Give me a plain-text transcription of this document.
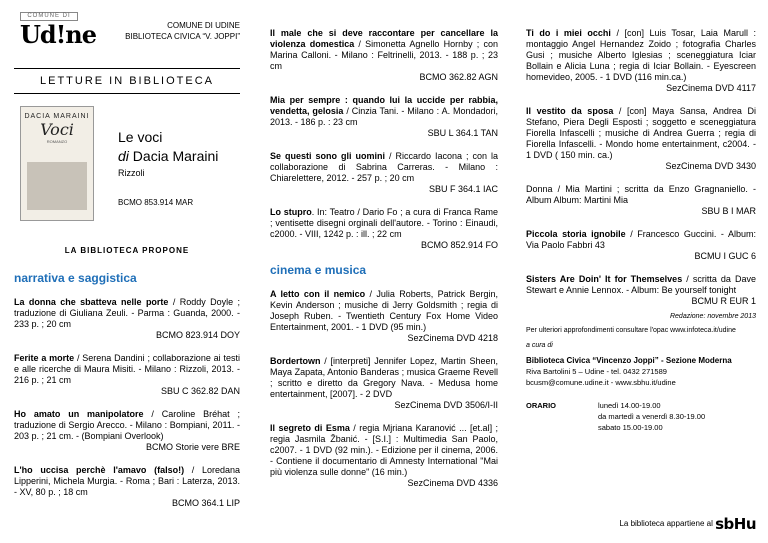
COMUNE DI
Ud!ne	COMUNE DI UDINE
BIBLIOTECA CIVICA “V. JOPPI”
LETTURE IN BIBLIOTECA
DACIA MARAINI
Voci
ROMANZO	Le voci
di Dacia Maraini
Rizzoli
BCMO 853.914 MAR
LA BIBLIOTECA PROPONE
narrativa e saggistica
La donna che sbatteva nelle porte / Roddy Doyle ; traduzione di Giuliana Zeuli. - Parma : Guanda, 2000. - 233 p. ; 20 cm
BCMO 823.914 DOY
Ferite a morte / Serena Dandini ; collaborazione ai testi e alle ricerche di Maura Misiti. - Milano : Rizzoli, 2013. - 216 p. ; 21 cm
SBU C 362.82 DAN
Ho amato un manipolatore / Caroline Bréhat ; traduzione di Sergio Arecco. - Milano : Bompiani, 2011. - 203 p. ; 21 cm. - (Bompiani Overlook)
BCMO Storie vere BRE
L'ho uccisa perchè l'amavo (falso!) / Loredana Lipperini, Michela Murgia. - Roma ; Bari : Laterza, 2013. - XV, 80 p. ; 18 cm
BCMO 364.1 LIP
Il male che si deve raccontare per cancellare la violenza domestica / Simonetta Agnello Hornby ; con Marina Calloni. - Milano : Feltrinelli, 2013. - 188 p. ; 23 cm
BCMO 362.82 AGN
Mia per sempre : quando lui la uccide per rabbia, vendetta, gelosia / Cinzia Tani. - Milano : A. Mondadori, 2013. - 186 p. : 23 cm
SBU L 364.1 TAN
Se questi sono gli uomini / Riccardo Iacona ; con la collaborazione di Sabrina Carreras. - Milano : Chiarelettere, 2012. - 257 p. ; 20 cm
SBU F 364.1 IAC
Lo stupro. In: Teatro / Dario Fo ; a cura di Franca Rame ; ventisette disegni orginali dell'autore. - Torino : Einaudi, c2000. - VIII, 1242 p. : ill. ; 22 cm
BCMO 852.914 FO
cinema e musica
A letto con il nemico / Julia Roberts, Patrick Bergin, Kevin Anderson ; musiche di Jerry Goldsmith ; regia di Joseph Ruben. - Twentieth Century Fox Home Video Entertainment, 2001. - 1 DVD (95 min.)
SezCinema DVD 4218
Bordertown / [interpreti] Jennifer Lopez, Martin Sheen, Maya Zapata, Antonio Banderas ; musica Graeme Revell ; scritto e diretto da Gregory Nava. - Medusa home entertainment, [2007]. - 2 DVD
SezCinema DVD 3506/I-II
Il segreto di Esma / regia Mjriana Karanović ... [et.al] ; regia Jasmila Žbanić. - [S.I.] : Multimedia San Paolo, c2007. - 1 DVD (92 min.). - Edizione per il cinema, 2006. - Contiene il documentario di Amnesty International "Mai più violenza sulle donne" (16 min.)
SezCinema DVD 4336
Ti do i miei occhi / [con] Luis Tosar, Laia Marull : montaggio Angel Hernandez Zoido ; fotografia Charles Gusi ; musiche Alberto Iglesias ; sceneggiatura Iciar Bollain e Alicia Luna ; regia di Iciar Bollain. - Eyescreen homevideo, 2005. - 1 DVD (116 min.ca.)
SezCinema DVD 4117
Il vestito da sposa / [con] Maya Sansa, Andrea Di Stefano, Piera Degli Esposti ; soggetto e sceneggiatura Fiorella Infascelli ; musiche di Andrea Guerra ; regia di Fiorella Infascelli. - Mondo home entertainment, c2004. - 1 DVD ( 150 min. ca.)
SezCinema DVD 3430
Donna / Mia Martini ; scritta da Enzo Gragnaniello. - Album Album: Martini Mia
SBU B I MAR
Piccola storia ignobile / Francesco Guccini. - Album: Via Paolo Fabbri 43
BCMU I GUC 6
Sisters Are Doin' It for Themselves / scritta da Dave Stewart e Annie Lennox. - Album: Be yourself tonight
BCMU R EUR 1
Redazione: novembre 2013
Per ulteriori approfondimenti consultare l'opac www.infoteca.it/udine
a cura di
Biblioteca Civica “Vincenzo Joppi” - Sezione Moderna
Riva Bartolini 5 – Udine - tel. 0432 271589
bcusm@comune.udine.it - www.sbhu.it/udine
ORARIO	lunedì 14.00-19.00
da martedì a venerdì 8.30-19.00
sabato 15.00-19.00
La biblioteca appartiene al sbHu
